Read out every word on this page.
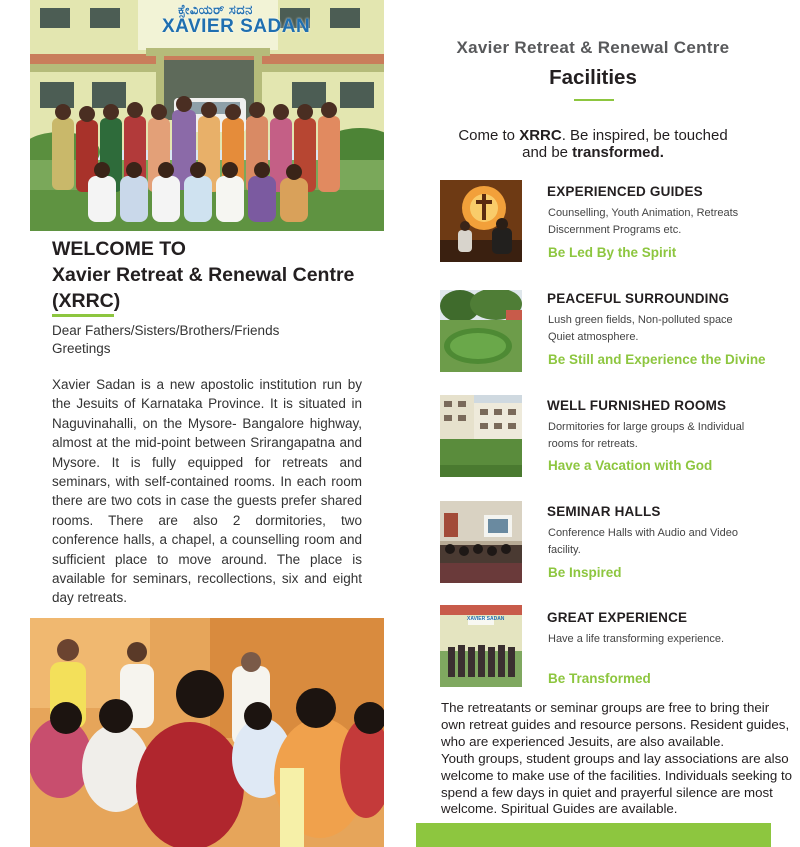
ಕ್ಸೇವಿಯರ್ ಸದನ
XAVIER SADAN
WELCOME TO
Xavier Retreat & Renewal Centre
(XRRC)
Dear Fathers/Sisters/Brothers/Friends
Greetings
Xavier Sadan is a new apostolic institution run by the Jesuits of Karnataka Province. It is situated in Naguvinahalli, on the Mysore- Bangalore highway, almost at the mid-point between Srirangapatna and Mysore. It is fully equipped for retreats and seminars, with self-contained rooms. In each room there are two cots in case the guests prefer shared rooms. There are also 2 dormitories, two conference halls, a chapel, a counselling room and sufficient place to move around. The place is available for seminars, recollections, six and eight day retreats.
Xavier Retreat & Renewal Centre
Facilities
Come to XRRC. Be inspired, be touched
and be transformed.
EXPERIENCED GUIDES
Counselling, Youth Animation, Retreats
Discernment Programs etc.
Be Led By the Spirit
PEACEFUL SURROUNDING
Lush green fields, Non-polluted space
Quiet atmosphere.
Be Still and Experience the Divine
WELL FURNISHED ROOMS
Dormitories for large groups & Individual
rooms for retreats.
Have a Vacation with God
SEMINAR HALLS
Conference Halls with Audio and Video
facility.
Be Inspired
XAVIER SADAN	GREAT EXPERIENCE
Have a life transforming experience.
Be Transformed

The retreatants or seminar groups are free to bring their own retreat guides and resource persons. Resident guides, who are experienced Jesuits, are also available.

Youth groups, student groups and lay associations are also welcome to make use of the facilities. Individuals seeking to spend a few days in quiet and prayerful silence are most welcome. Spiritual Guides are available.
